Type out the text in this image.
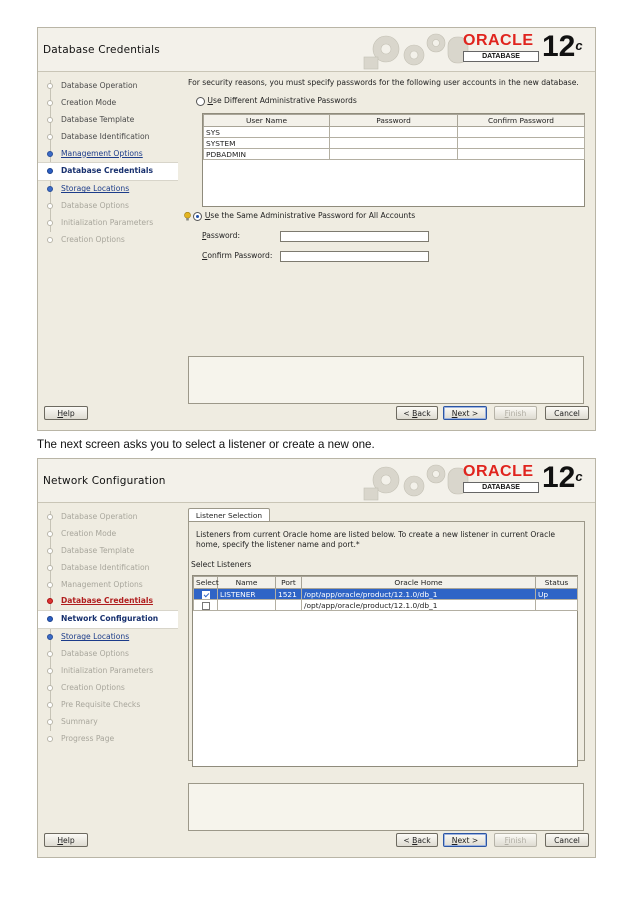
Database Credentials
ORACLE
DATABASE 12$^c$
Database Operation
Creation Mode
Database Template
Database Identification
Management Options
Database Credentials
Storage Locations
Database Options
Initialization Parameters
Creation Options
For security reasons, you must specify passwords for the following user accounts in the new database.
Use Different Administrative Passwords
User Name	Password	Confirm Password
SYS		
SYSTEM		
PDBADMIN		
Use the Same Administrative Password for All Accounts
Password:
Confirm Password:
Help	< Back	Next >	Finish	Cancel
The next screen asks you to select a listener or create a new one.
Network Configuration
ORACLE
DATABASE 12$^c$
Database Operation
Creation Mode
Database Template
Database Identification
Management Options
Database Credentials
Network Configuration
Storage Locations
Database Options
Initialization Parameters
Creation Options
Pre Requisite Checks
Summary
Progress Page
Listener Selection
Listeners from current Oracle home are listed below. To create a new listener in current Oracle
home, specify the listener name and port.*
Select Listeners
Select	Name	Port	Oracle Home	Status
	LISTENER	1521	/opt/app/oracle/product/12.1.0/db_1	Up
			/opt/app/oracle/product/12.1.0/db_1	
Help	< Back	Next >	Finish	Cancel
